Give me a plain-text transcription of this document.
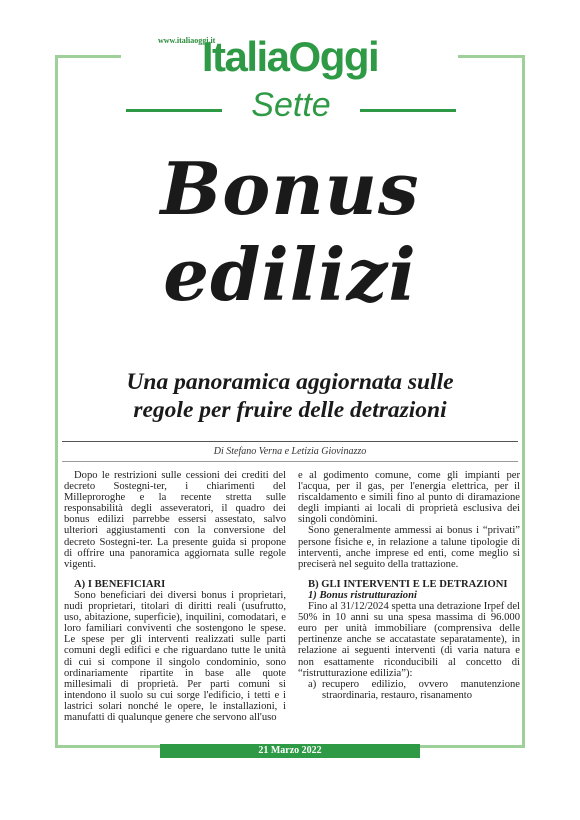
www.italiaoggi.it
ItaliaOggi
Sette
Bonus
edilizi
Una panoramica aggiornata sulle
regole per fruire delle detrazioni
Di Stefano Verna e Letizia Giovinazzo

Dopo le restrizioni sulle cessioni dei crediti del decreto Sostegni-ter, i chiarimenti del Milleproroghe e la recente stretta sulle responsabilità degli asseveratori, il quadro dei bonus edilizi parrebbe essersi assestato, salvo ulteriori aggiustamenti con la conversione del decreto Sostegni-ter. La presente guida si propone di offrire una panoramica aggiornata sulle regole vigenti.

A) I BENEFICIARI

Sono beneficiari dei diversi bonus i proprietari, nudi proprietari, titolari di diritti reali (usufrutto, uso, abitazione, superficie), inquilini, comodatari, e loro familiari conviventi che sostengono le spese. Le spese per gli interventi realizzati sulle parti comuni degli edifici e che riguardano tutte le unità di cui si compone il singolo condominio, sono ordinariamente ripartite in base alle quote millesimali di proprietà. Per parti comuni si intendono il suolo su cui sorge l'edificio, i tetti e i lastrici solari nonché le opere, le installazioni, i manufatti di qualunque genere che servono all'uso

e al godimento comune, come gli impianti per l'acqua, per il gas, per l'energia elettrica, per il riscaldamento e simili fino al punto di diramazione degli impianti ai locali di proprietà esclusiva dei singoli condòmini.

Sono generalmente ammessi ai bonus i “privati” persone fisiche e, in relazione a talune tipologie di interventi, anche imprese ed enti, come meglio si preciserà nel seguito della trattazione.

B) GLI INTERVENTI E LE DETRAZIONI

1) Bonus ristrutturazioni

Fino al 31/12/2024 spetta una detrazione Irpef del 50% in 10 anni su una spesa massima di 96.000 euro per unità immobiliare (comprensiva delle pertinenze anche se accatastate separatamente), in relazione ai seguenti interventi (di varia natura e non esattamente riconducibili al concetto di “ristrutturazione edilizia”):

a) recupero edilizio, ovvero manutenzione straordinaria, restauro, risanamento

21 Marzo 2022
